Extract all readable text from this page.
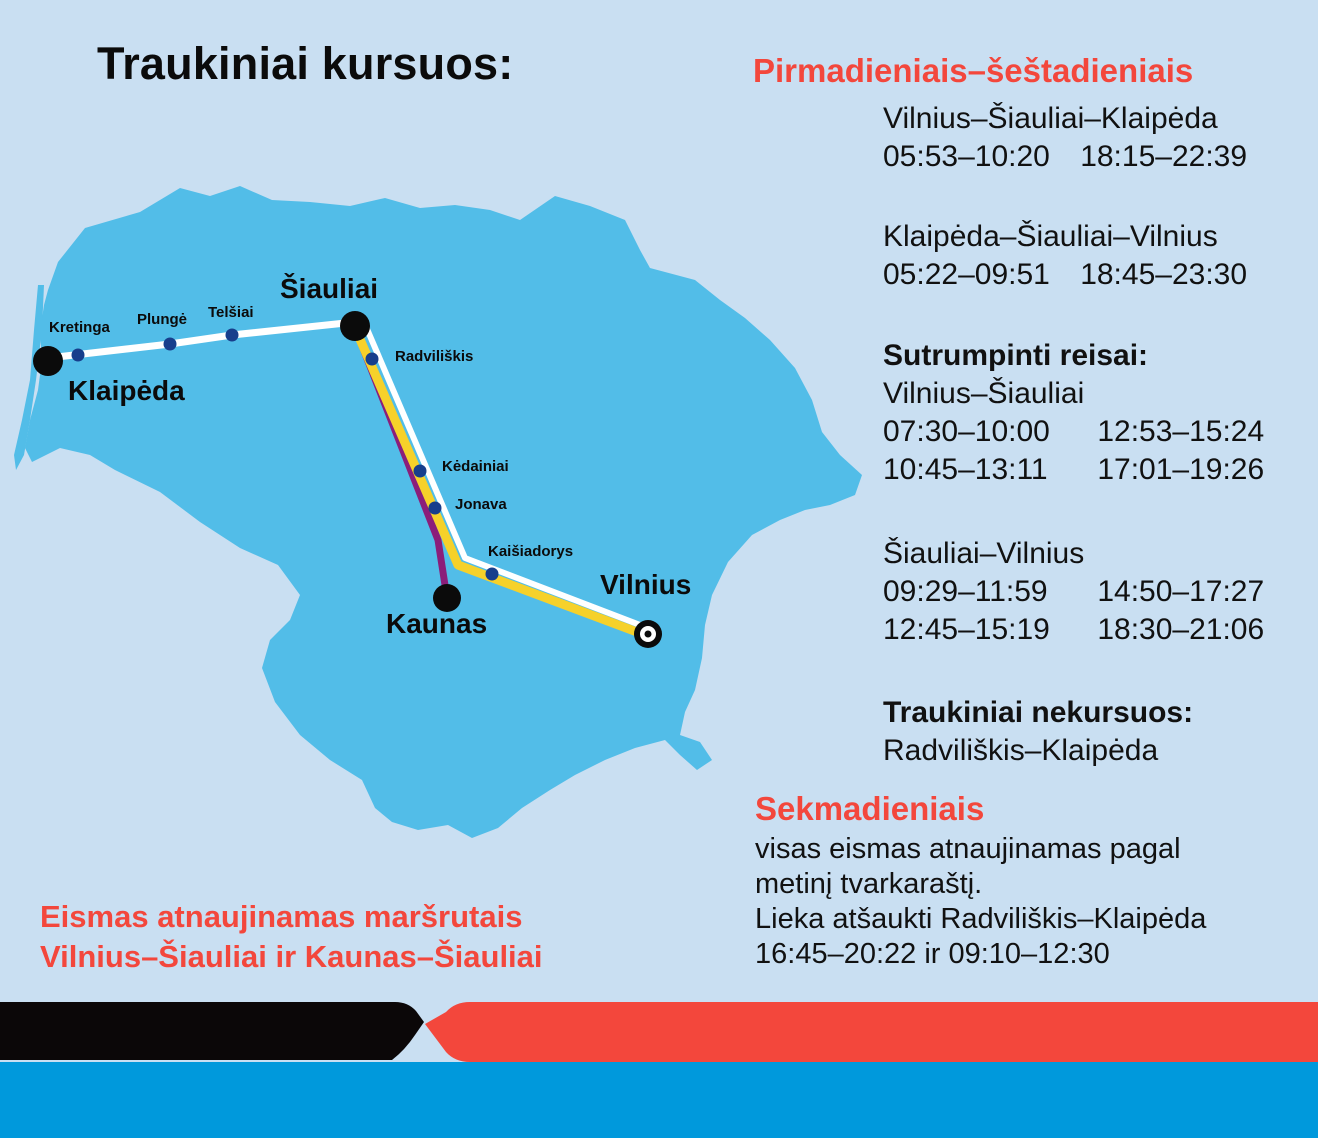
Šiauliai
Klaipėda
Kaunas
Vilnius
Kretinga Plungė Telšiai
Radviliškis
Kėdainiai
Jonava
Kaišiadorys
Traukiniai kursuos:	Pirmadieniais–šeštadieniais
Vilnius–Šiauliai–Klaipėda
05:53–10:20 18:15–22:39
Klaipėda–Šiauliai–Vilnius
05:22–09:51 18:45–23:30
Sutrumpinti reisai:
Vilnius–Šiauliai
07:30–10:00 12:53–15:24
10:45–13:11 17:01–19:26
Šiauliai–Vilnius
09:29–11:59 14:50–17:27
12:45–15:19 18:30–21:06
Traukiniai nekursuos:
Radviliškis–Klaipėda
Sekmadieniais
visas eismas atnaujinamas pagal
metinį tvarkaraštį.
Lieka atšaukti Radviliškis–Klaipėda
16:45–20:22 ir 09:10–12:30
Eismas atnaujinamas maršrutais
Vilnius–Šiauliai ir Kaunas–Šiauliai
